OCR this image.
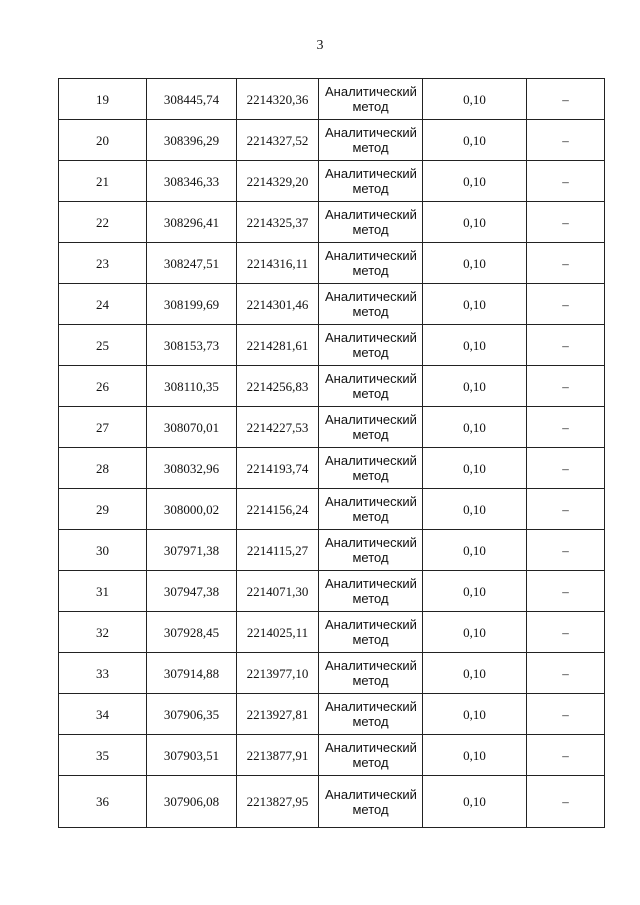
3
19	308445,74	2214320,36	Аналитический метод	0,10	–
20	308396,29	2214327,52	Аналитический метод	0,10	–
21	308346,33	2214329,20	Аналитический метод	0,10	–
22	308296,41	2214325,37	Аналитический метод	0,10	–
23	308247,51	2214316,11	Аналитический метод	0,10	–
24	308199,69	2214301,46	Аналитический метод	0,10	–
25	308153,73	2214281,61	Аналитический метод	0,10	–
26	308110,35	2214256,83	Аналитический метод	0,10	–
27	308070,01	2214227,53	Аналитический метод	0,10	–
28	308032,96	2214193,74	Аналитический метод	0,10	–
29	308000,02	2214156,24	Аналитический метод	0,10	–
30	307971,38	2214115,27	Аналитический метод	0,10	–
31	307947,38	2214071,30	Аналитический метод	0,10	–
32	307928,45	2214025,11	Аналитический метод	0,10	–
33	307914,88	2213977,10	Аналитический метод	0,10	–
34	307906,35	2213927,81	Аналитический метод	0,10	–
35	307903,51	2213877,91	Аналитический метод	0,10	–
36	307906,08	2213827,95	Аналитический метод	0,10	–
